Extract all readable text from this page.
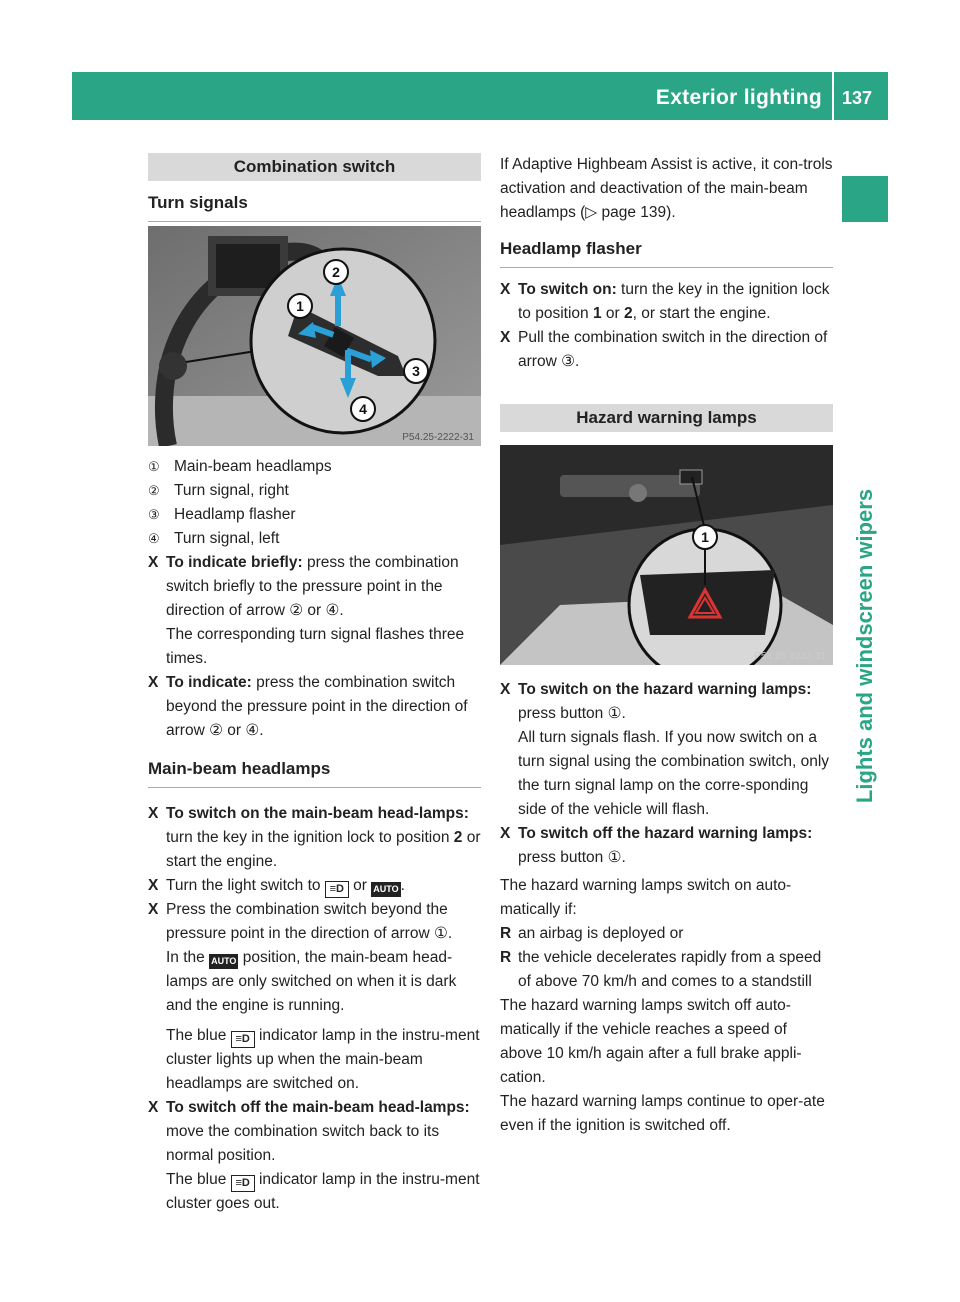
Exterior lighting 137
Lights and windscreen wipers
Combination switch
Turn signals
2
1
3
4
P54.25-2222-31
① Main-beam headlamps
② Turn signal, right
③ Headlamp flasher
④ Turn signal, left
X To indicate briefly: press the combination switch briefly to the pressure point in the direction of arrow ② or ④.
The corresponding turn signal flashes three times.
X To indicate: press the combination switch beyond the pressure point in the direction of arrow ② or ④.
Main-beam headlamps
X To switch on the main-beam head-lamps: turn the key in the ignition lock to position 2 or start the engine.
X Turn the light switch to ≡D or AUTO .
X Press the combination switch beyond the pressure point in the direction of arrow ①.
In the AUTO position, the main-beam head-lamps are only switched on when it is dark and the engine is running.
The blue ≡D indicator lamp in the instru-ment cluster lights up when the main-beam headlamps are switched on.
X To switch off the main-beam head-lamps: move the combination switch back to its normal position.
The blue ≡D indicator lamp in the instru-ment cluster goes out.

If Adaptive Highbeam Assist is active, it con-trols activation and deactivation of the main-beam headlamps (▷ page 139).

Headlamp flasher
X To switch on: turn the key in the ignition lock to position 1 or 2, or start the engine.
X Pull the combination switch in the direction of arrow ③.
Hazard warning lamps
1
P54.25-9233-31
X To switch on the hazard warning lamps: press button ①.
All turn signals flash. If you now switch on a turn signal using the combination switch, only the turn signal lamp on the corre-sponding side of the vehicle will flash.
X To switch off the hazard warning lamps: press button ①.

The hazard warning lamps switch on auto-matically if:

R an airbag is deployed or
R the vehicle decelerates rapidly from a speed of above 70 km/h and comes to a standstill

The hazard warning lamps switch off auto-matically if the vehicle reaches a speed of above 10 km/h again after a full brake appli-cation.

The hazard warning lamps continue to oper-ate even if the ignition is switched off.
